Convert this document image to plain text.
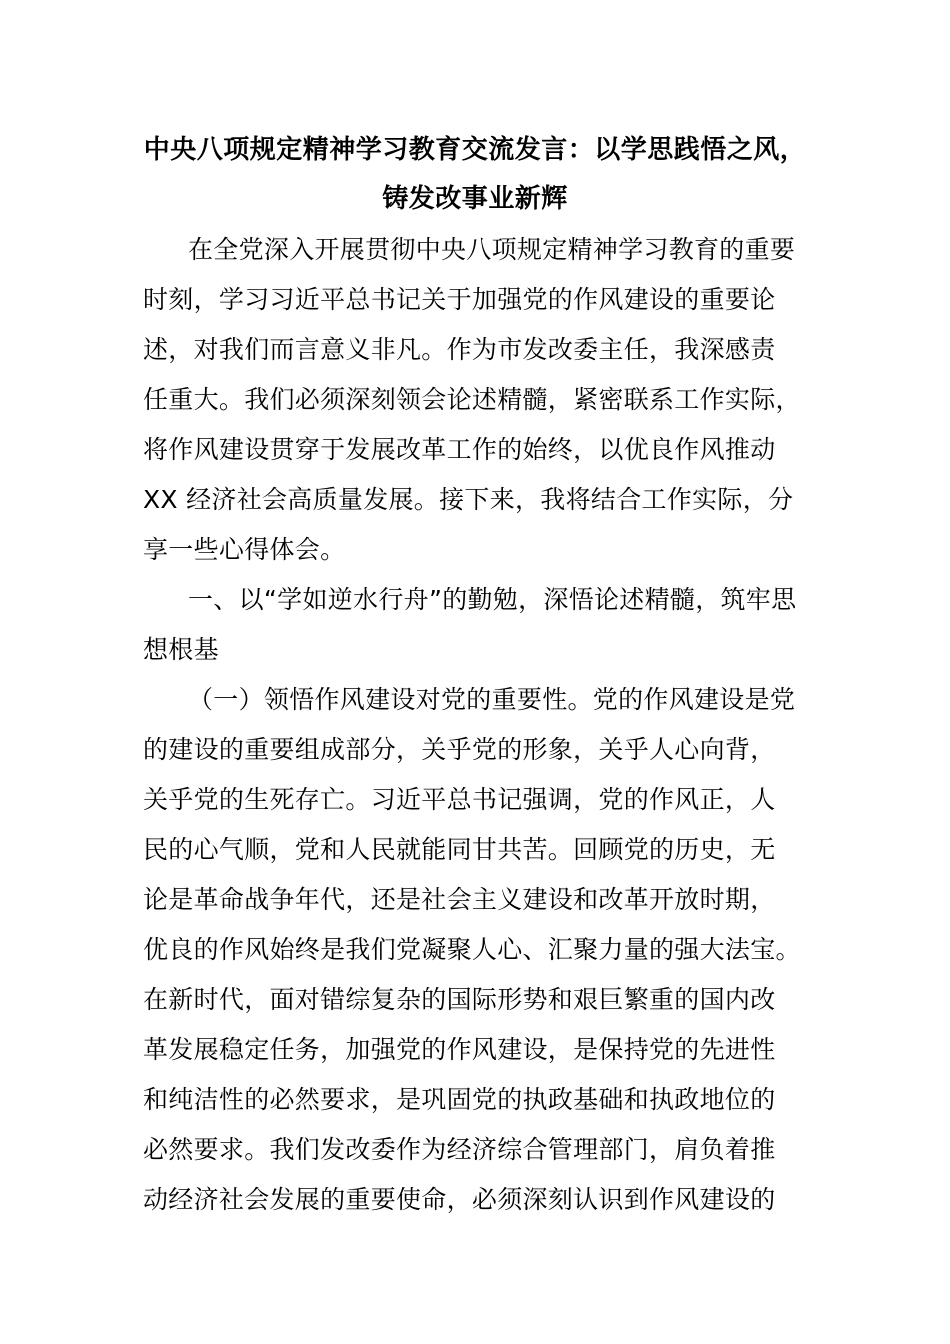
中央八项规定精神学习教育交流发言：以学思践悟之风，
铸发改事业新辉
在全党深入开展贯彻中央八项规定精神学习教育的重要
时刻，学习习近平总书记关于加强党的作风建设的重要论
述，对我们而言意义非凡。作为市发改委主任，我深感责
任重大。我们必须深刻领会论述精髓，紧密联系工作实际，
将作风建设贯穿于发展改革工作的始终，以优良作风推动
XX 经济社会高质量发展。接下来，我将结合工作实际，分
享一些心得体会。
一、以“学如逆水行舟”的勤勉，深悟论述精髓，筑牢思
想根基
（一）领悟作风建设对党的重要性。党的作风建设是党
的建设的重要组成部分，关乎党的形象，关乎人心向背，
关乎党的生死存亡。习近平总书记强调，党的作风正，人
民的心气顺，党和人民就能同甘共苦。回顾党的历史，无
论是革命战争年代，还是社会主义建设和改革开放时期，
优良的作风始终是我们党凝聚人心、汇聚力量的强大法宝。
在新时代，面对错综复杂的国际形势和艰巨繁重的国内改
革发展稳定任务，加强党的作风建设，是保持党的先进性
和纯洁性的必然要求，是巩固党的执政基础和执政地位的
必然要求。我们发改委作为经济综合管理部门，肩负着推
动经济社会发展的重要使命，必须深刻认识到作风建设的
